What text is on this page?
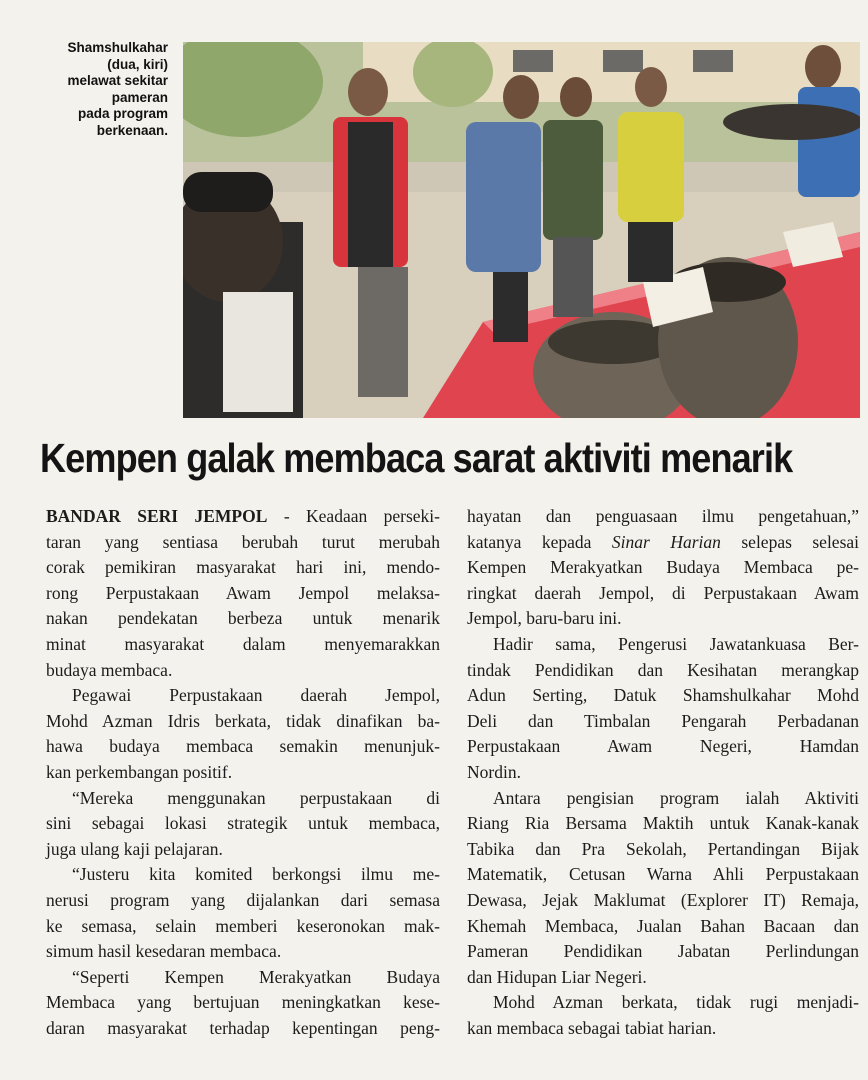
Shamshulkahar
(dua, kiri)
melawat sekitar
pameran
pada program
berkenaan.
Kempen galak membaca sarat aktiviti menarik
BANDAR SERI JEMPOL - Keadaan perseki-
taran yang sentiasa berubah turut merubah
corak pemikiran masyarakat hari ini, mendo-
rong Perpustakaan Awam Jempol melaksa-
nakan pendekatan berbeza untuk menarik
minat masyarakat dalam menyemarakkan
budaya membaca.
Pegawai Perpustakaan daerah Jempol,
Mohd Azman Idris berkata, tidak dinafikan ba-
hawa budaya membaca semakin menunjuk-
kan perkembangan positif.
“Mereka menggunakan perpustakaan di
sini sebagai lokasi strategik untuk membaca,
juga ulang kaji pelajaran.
“Justeru kita komited berkongsi ilmu me-
nerusi program yang dijalankan dari semasa
ke semasa, selain memberi keseronokan mak-
simum hasil kesedaran membaca.
“Seperti Kempen Merakyatkan Budaya
Membaca yang bertujuan meningkatkan kese-
daran masyarakat terhadap kepentingan peng-
hayatan dan penguasaan ilmu pengetahuan,”
katanya kepada Sinar Harian selepas selesai
Kempen Merakyatkan Budaya Membaca pe-
ringkat daerah Jempol, di Perpustakaan Awam
Jempol, baru-baru ini.
Hadir sama, Pengerusi Jawatankuasa Ber-
tindak Pendidikan dan Kesihatan merangkap
Adun Serting, Datuk Shamshulkahar Mohd
Deli dan Timbalan Pengarah Perbadanan
Perpustakaan Awam Negeri, Hamdan
Nordin.
Antara pengisian program ialah Aktiviti
Riang Ria Bersama Maktih untuk Kanak-kanak
Tabika dan Pra Sekolah, Pertandingan Bijak
Matematik, Cetusan Warna Ahli Perpustakaan
Dewasa, Jejak Maklumat (Explorer IT) Remaja,
Khemah Membaca, Jualan Bahan Bacaan dan
Pameran Pendidikan Jabatan Perlindungan
dan Hidupan Liar Negeri.
Mohd Azman berkata, tidak rugi menjadi-
kan membaca sebagai tabiat harian.
